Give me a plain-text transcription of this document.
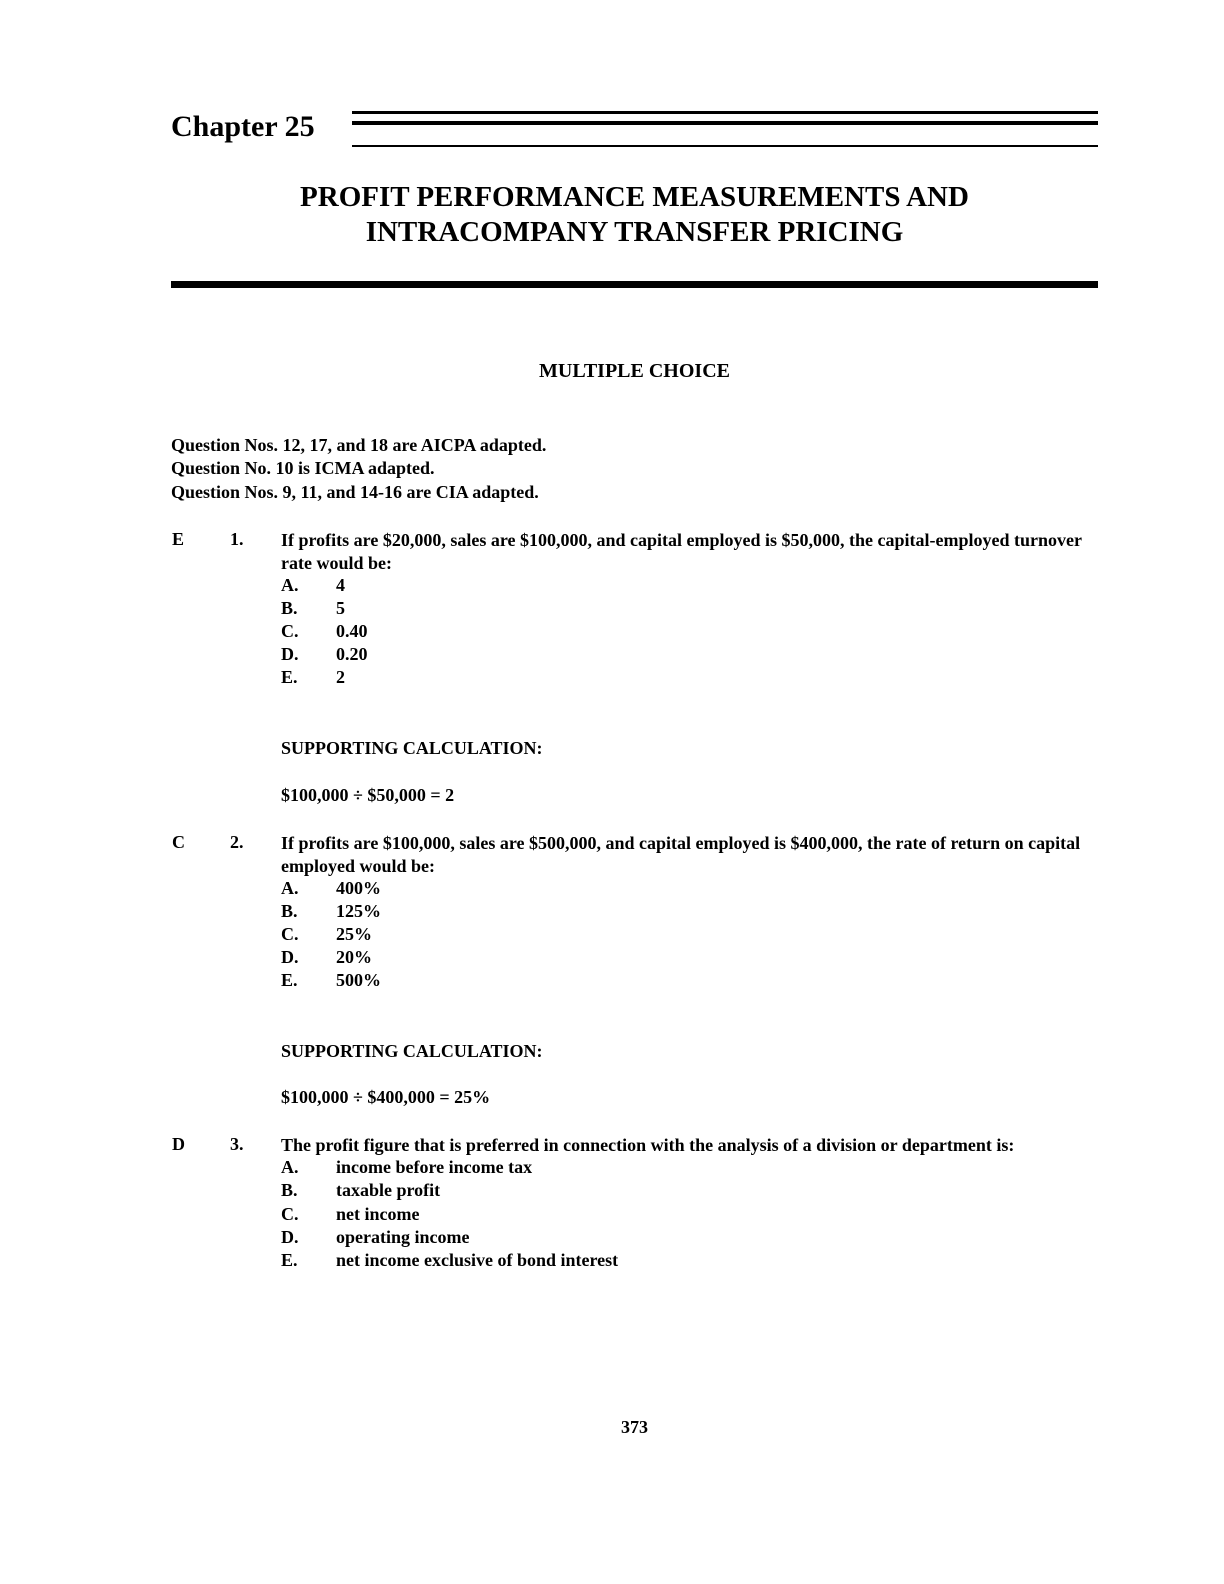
Chapter 25
PROFIT PERFORMANCE MEASUREMENTS AND
INTRACOMPANY TRANSFER PRICING
MULTIPLE CHOICE
Question Nos. 12, 17, and 18 are AICPA adapted.
Question No. 10 is ICMA adapted.
Question Nos. 9, 11, and 14-16 are CIA adapted.
E	1. If profits are $20,000, sales are $100,000, and capital employed is $50,000, the capital-employed turnover rate would be:
A. 4
B. 5
C. 0.40
D. 0.20
E. 2
SUPPORTING CALCULATION:
$100,000 ÷ $50,000 = 2
C	2. If profits are $100,000, sales are $500,000, and capital employed is $400,000, the rate of return on capital employed would be:
A. 400%
B. 125%
C. 25%
D. 20%
E. 500%
SUPPORTING CALCULATION:
$100,000 ÷ $400,000 = 25%
D	3. The profit figure that is preferred in connection with the analysis of a division or department is:
A. income before income tax
B. taxable profit
C. net income
D. operating income
E. net income exclusive of bond interest
373
